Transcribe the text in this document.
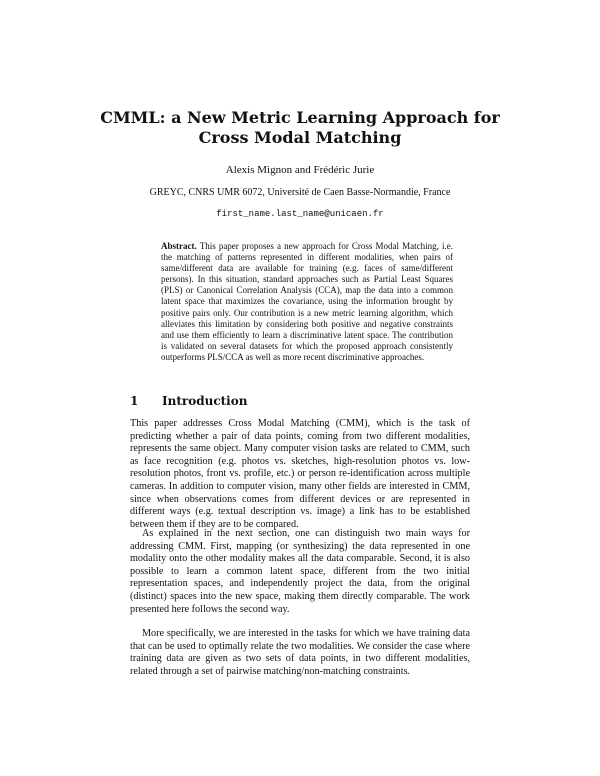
CMML: a New Metric Learning Approach for Cross Modal Matching
Alexis Mignon and Frédéric Jurie
GREYC, CNRS UMR 6072, Université de Caen Basse-Normandie, France
first_name.last_name@unicaen.fr

Abstract. This paper proposes a new approach for Cross Modal Matching, i.e. the matching of patterns represented in different modalities, when pairs of same/different data are available for training (e.g. faces of same/different persons). In this situation, standard approaches such as Partial Least Squares (PLS) or Canonical Correlation Analysis (CCA), map the data into a common latent space that maximizes the covariance, using the information brought by positive pairs only. Our contribution is a new metric learning algorithm, which alleviates this limitation by considering both positive and negative constraints and use them efficiently to learn a discriminative latent space. The contribution is validated on several datasets for which the proposed approach consistently outperforms PLS/CCA as well as more recent discriminative approaches.

1 Introduction

This paper addresses Cross Modal Matching (CMM), which is the task of predicting whether a pair of data points, coming from two different modalities, represents the same object. Many computer vision tasks are related to CMM, such as face recognition (e.g. photos vs. sketches, high-resolution photos vs. low-resolution photos, front vs. profile, etc.) or person re-identification across multiple cameras. In addition to computer vision, many other fields are interested in CMM, since when observations comes from different devices or are represented in different ways (e.g. textual description vs. image) a link has to be established between them if they are to be compared.

As explained in the next section, one can distinguish two main ways for addressing CMM. First, mapping (or synthesizing) the data represented in one modality onto the other modality makes all the data comparable. Second, it is also possible to learn a common latent space, different from the two initial representation spaces, and independently project the data, from the original (distinct) spaces into the new space, making them directly comparable. The work presented here follows the second way.

More specifically, we are interested in the tasks for which we have training data that can be used to optimally relate the two modalities. We consider the case where training data are given as two sets of data points, in two different modalities, related through a set of pairwise matching/non-matching constraints.
